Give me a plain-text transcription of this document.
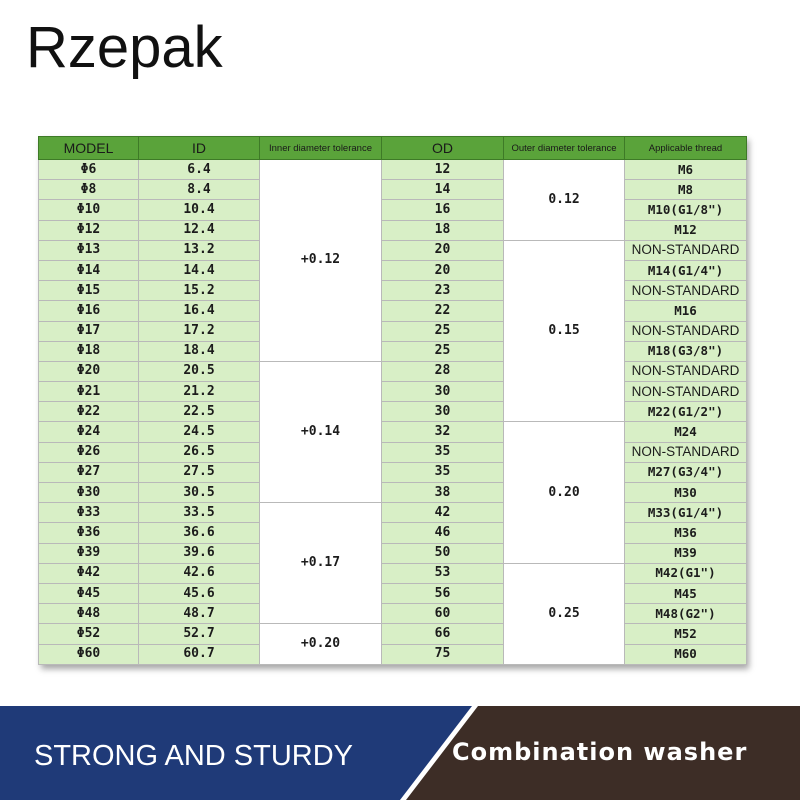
Rzepak
MODEL	ID	Inner diameter tolerance	OD	Outer diameter tolerance	Applicable thread
Φ6	6.4	+0.12	12	0.12	M6
Φ8	8.4		14		M8
Φ10	10.4		16		M10(G1/8")
Φ12	12.4		18		M12
Φ13	13.2		20	0.15	NON-STANDARD
Φ14	14.4		20		M14(G1/4")
Φ15	15.2		23		NON-STANDARD
Φ16	16.4		22		M16
Φ17	17.2		25		NON-STANDARD
Φ18	18.4		25		M18(G3/8")
Φ20	20.5	+0.14	28		NON-STANDARD
Φ21	21.2		30		NON-STANDARD
Φ22	22.5		30		M22(G1/2")
Φ24	24.5		32	0.20	M24
Φ26	26.5		35		NON-STANDARD
Φ27	27.5		35		M27(G3/4")
Φ30	30.5		38		M30
Φ33	33.5	+0.17	42		M33(G1/4")
Φ36	36.6		46		M36
Φ39	39.6		50		M39
Φ42	42.6		53	0.25	M42(G1")
Φ45	45.6		56		M45
Φ48	48.7		60		M48(G2")
Φ52	52.7	+0.20	66		M52
Φ60	60.7		75		M60
STRONG AND STURDY	Combination washer
